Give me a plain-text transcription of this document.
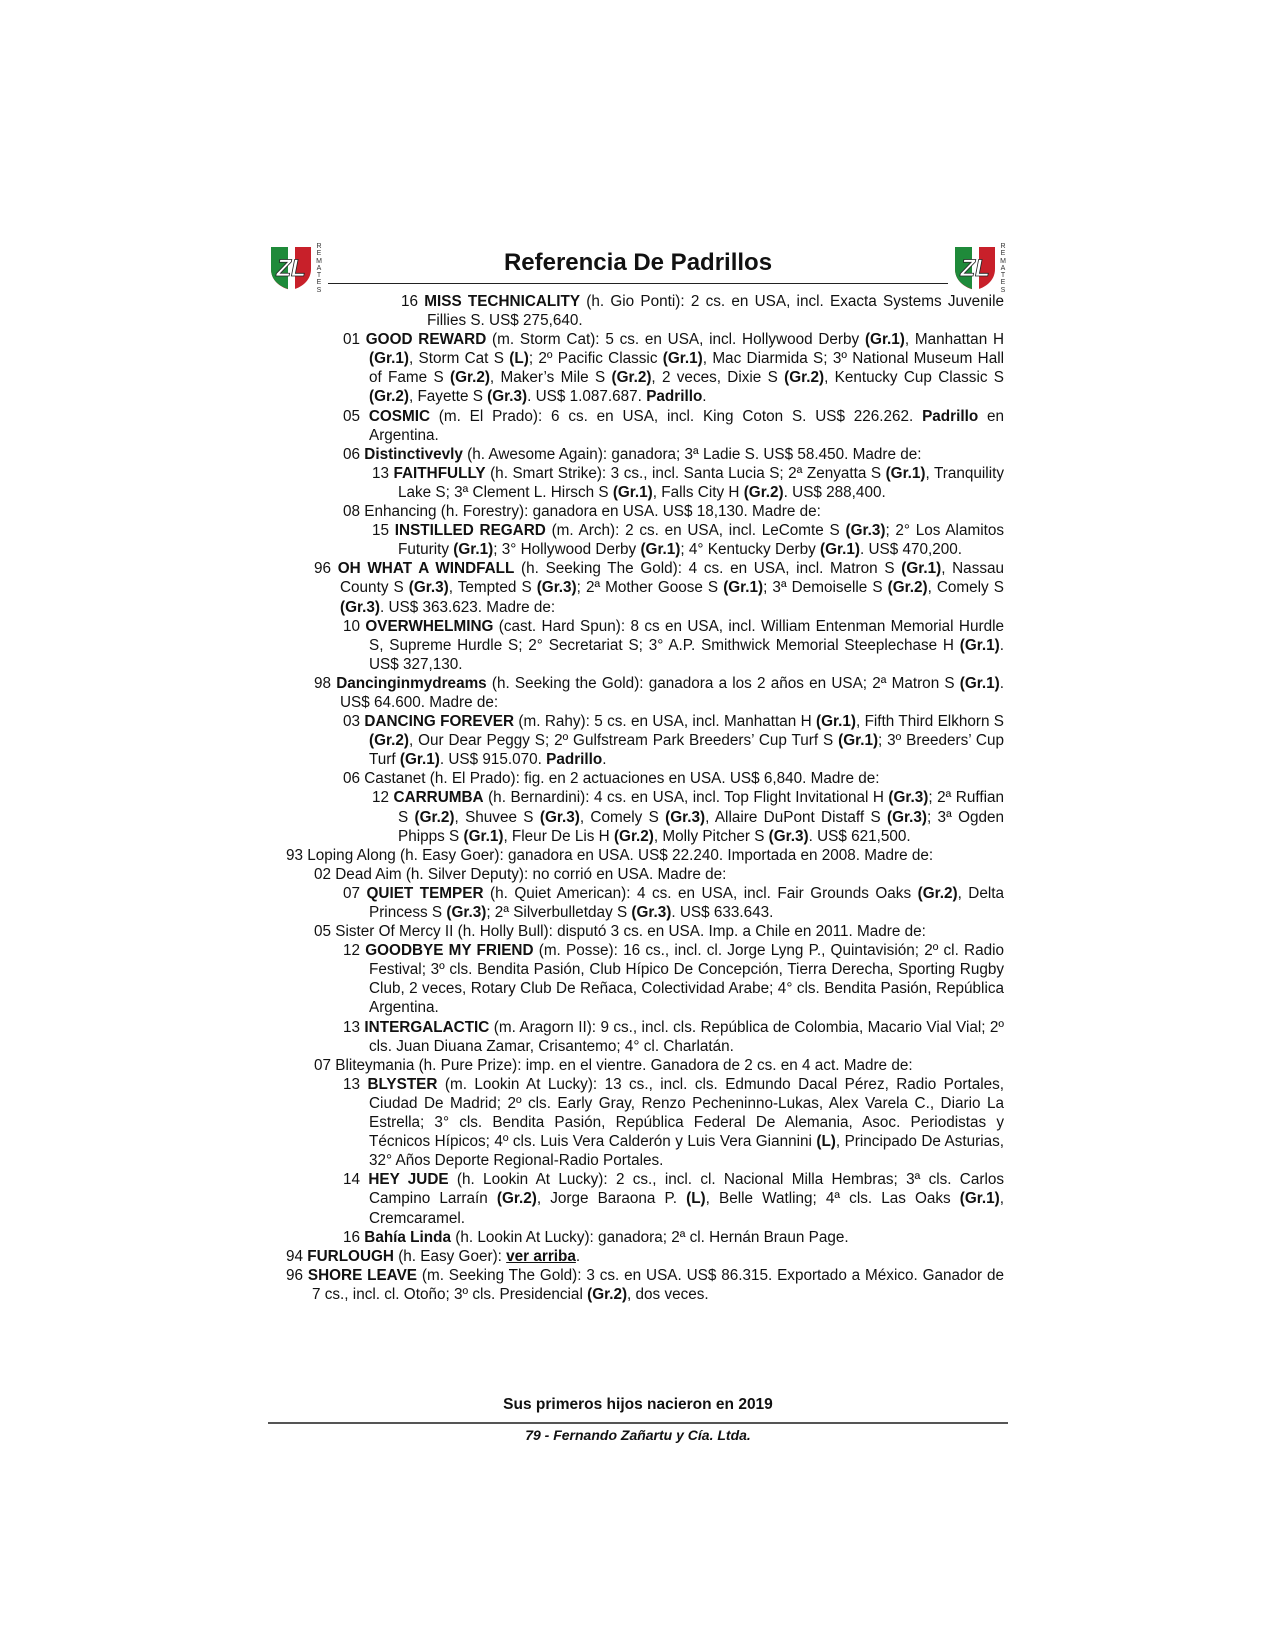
ZL
R
E
M
A
T
E
S
Referencia De Padrillos	ZL
R
E
M
A
T
E
S
16 MISS TECHNICALITY (h. Gio Ponti): 2 cs. en USA, incl. Exacta Systems Juvenile Fillies S. US$ 275,640.
01 GOOD REWARD (m. Storm Cat): 5 cs. en USA, incl. Hollywood Derby (Gr.1), Manhattan H (Gr.1), Storm Cat S (L); 2º Pacific Classic (Gr.1), Mac Diarmida S; 3º National Museum Hall of Fame S (Gr.2), Maker’s Mile S (Gr.2), 2 veces, Dixie S (Gr.2), Kentucky Cup Classic S (Gr.2), Fayette S (Gr.3). US$ 1.087.687. Padrillo.
05 COSMIC (m. El Prado): 6 cs. en USA, incl. King Coton S. US$ 226.262. Padrillo en Argentina.
06 Distinctivevly (h. Awesome Again): ganadora; 3ª Ladie S. US$ 58.450. Madre de:
13 FAITHFULLY (h. Smart Strike): 3 cs., incl. Santa Lucia S; 2ª Zenyatta S (Gr.1), Tranquility Lake S; 3ª Clement L. Hirsch S (Gr.1), Falls City H (Gr.2). US$ 288,400.
08 Enhancing (h. Forestry): ganadora en USA. US$ 18,130. Madre de:
15 INSTILLED REGARD (m. Arch): 2 cs. en USA, incl. LeComte S (Gr.3); 2° Los Alamitos Futurity (Gr.1); 3° Hollywood Derby (Gr.1); 4° Kentucky Derby (Gr.1). US$ 470,200.
96 OH WHAT A WINDFALL (h. Seeking The Gold): 4 cs. en USA, incl. Matron S (Gr.1), Nassau County S (Gr.3), Tempted S (Gr.3); 2ª Mother Goose S (Gr.1); 3ª Demoiselle S (Gr.2), Comely S (Gr.3). US$ 363.623. Madre de:
10 OVERWHELMING (cast. Hard Spun): 8 cs en USA, incl. William Entenman Memorial Hurdle S, Supreme Hurdle S; 2° Secretariat S; 3° A.P. Smithwick Memorial Steeplechase H (Gr.1). US$ 327,130.
98 Dancinginmydreams (h. Seeking the Gold): ganadora a los 2 años en USA; 2ª Matron S (Gr.1). US$ 64.600. Madre de:
03 DANCING FOREVER (m. Rahy): 5 cs. en USA, incl. Manhattan H (Gr.1), Fifth Third Elkhorn S (Gr.2), Our Dear Peggy S; 2º Gulfstream Park Breeders’ Cup Turf S (Gr.1); 3º Breeders’ Cup Turf (Gr.1). US$ 915.070. Padrillo.
06 Castanet (h. El Prado): fig. en 2 actuaciones en USA. US$ 6,840. Madre de:
12 CARRUMBA (h. Bernardini): 4 cs. en USA, incl. Top Flight Invitational H (Gr.3); 2ª Ruffian S (Gr.2), Shuvee S (Gr.3), Comely S (Gr.3), Allaire DuPont Distaff S (Gr.3); 3ª Ogden Phipps S (Gr.1), Fleur De Lis H (Gr.2), Molly Pitcher S (Gr.3). US$ 621,500.
93 Loping Along (h. Easy Goer): ganadora en USA. US$ 22.240. Importada en 2008. Madre de:
02 Dead Aim (h. Silver Deputy): no corrió en USA. Madre de:
07 QUIET TEMPER (h. Quiet American): 4 cs. en USA, incl. Fair Grounds Oaks (Gr.2), Delta Princess S (Gr.3); 2ª Silverbulletday S (Gr.3). US$ 633.643.
05 Sister Of Mercy II (h. Holly Bull): disputó 3 cs. en USA. Imp. a Chile en 2011. Madre de:
12 GOODBYE MY FRIEND (m. Posse): 16 cs., incl. cl. Jorge Lyng P., Quintavisión; 2º cl. Radio Festival; 3º cls. Bendita Pasión, Club Hípico De Concepción, Tierra Derecha, Sporting Rugby Club, 2 veces, Rotary Club De Reñaca, Colectividad Arabe; 4° cls. Bendita Pasión, República Argentina.
13 INTERGALACTIC (m. Aragorn II): 9 cs., incl. cls. República de Colombia, Macario Vial Vial; 2º cls. Juan Diuana Zamar, Crisantemo; 4° cl. Charlatán.
07 Bliteymania (h. Pure Prize): imp. en el vientre. Ganadora de 2 cs. en 4 act. Madre de:
13 BLYSTER (m. Lookin At Lucky): 13 cs., incl. cls. Edmundo Dacal Pérez, Radio Portales, Ciudad De Madrid; 2º cls. Early Gray, Renzo Pecheninno-Lukas, Alex Varela C., Diario La Estrella; 3° cls. Bendita Pasión, República Federal De Alemania, Asoc. Periodistas y Técnicos Hípicos; 4º cls. Luis Vera Calderón y Luis Vera Giannini (L), Principado De Asturias, 32° Años Deporte Regional-Radio Portales.
14 HEY JUDE (h. Lookin At Lucky): 2 cs., incl. cl. Nacional Milla Hembras; 3ª cls. Carlos Campino Larraín (Gr.2), Jorge Baraona P. (L), Belle Watling; 4ª cls. Las Oaks (Gr.1), Cremcaramel.
16 Bahía Linda (h. Lookin At Lucky): ganadora; 2ª cl. Hernán Braun Page.
94 FURLOUGH (h. Easy Goer): ver arriba.
96 SHORE LEAVE (m. Seeking The Gold): 3 cs. en USA. US$ 86.315. Exportado a México. Ganador de 7 cs., incl. cl. Otoño; 3º cls. Presidencial (Gr.2), dos veces.
Sus primeros hijos nacieron en 2019
79 - Fernando Zañartu y Cía. Ltda.
